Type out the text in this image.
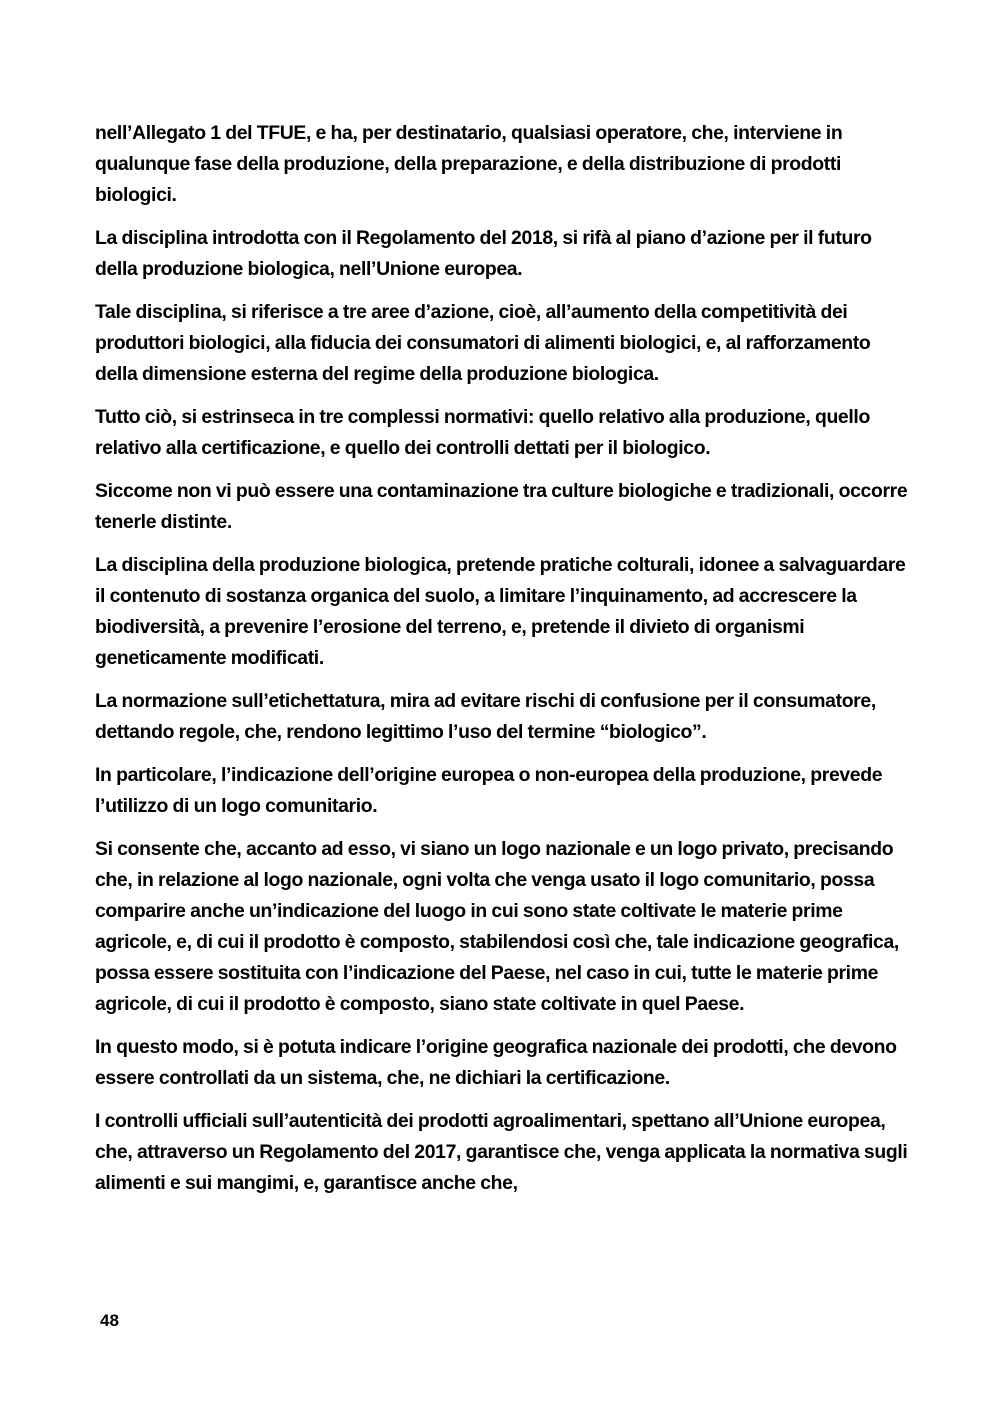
nell’Allegato 1 del TFUE, e ha, per destinatario, qualsiasi operatore, che, interviene in qualunque fase della produzione, della preparazione, e della distribuzione di prodotti biologici.

La disciplina introdotta con il Regolamento del 2018, si rifà al piano d’azione per il futuro della produzione biologica, nell’Unione europea.

Tale disciplina, si riferisce a tre aree d’azione, cioè, all’aumento della competitività dei produttori biologici, alla fiducia dei consumatori di alimenti biologici, e, al rafforzamento della dimensione esterna del regime della produzione biologica.

Tutto ciò, si estrinseca in tre complessi normativi: quello relativo alla produzione, quello relativo alla certificazione, e quello dei controlli dettati per il biologico.

Siccome non vi può essere una contaminazione tra culture biologiche e tradizionali, occorre tenerle distinte.

La disciplina della produzione biologica, pretende pratiche colturali, idonee a salvaguardare il contenuto di sostanza organica del suolo, a limitare l’inquinamento, ad accrescere la biodiversità, a prevenire l’erosione del terreno, e, pretende il divieto di organismi geneticamente modificati.

La normazione sull’etichettatura, mira ad evitare rischi di confusione per il consumatore, dettando regole, che, rendono legittimo l’uso del termine “biologico”.

In particolare, l’indicazione dell’origine europea o non-europea della produzione, prevede l’utilizzo di un logo comunitario.

Si consente che, accanto ad esso, vi siano un logo nazionale e un logo privato, precisando che, in relazione al logo nazionale, ogni volta che venga usato il logo comunitario, possa comparire anche un’indicazione del luogo in cui sono state coltivate le materie prime agricole, e, di cui il prodotto è composto, stabilendosi così che, tale indicazione geografica, possa essere sostituita con l’indicazione del Paese, nel caso in cui, tutte le materie prime agricole, di cui il prodotto è composto, siano state coltivate in quel Paese.

In questo modo, si è potuta indicare l’origine geografica nazionale dei prodotti, che devono essere controllati da un sistema, che, ne dichiari la certificazione.

I controlli ufficiali sull’autenticità dei prodotti agroalimentari, spettano all’Unione europea, che, attraverso un Regolamento del 2017, garantisce che, venga applicata la normativa sugli alimenti e sui mangimi, e, garantisce anche che,

48
